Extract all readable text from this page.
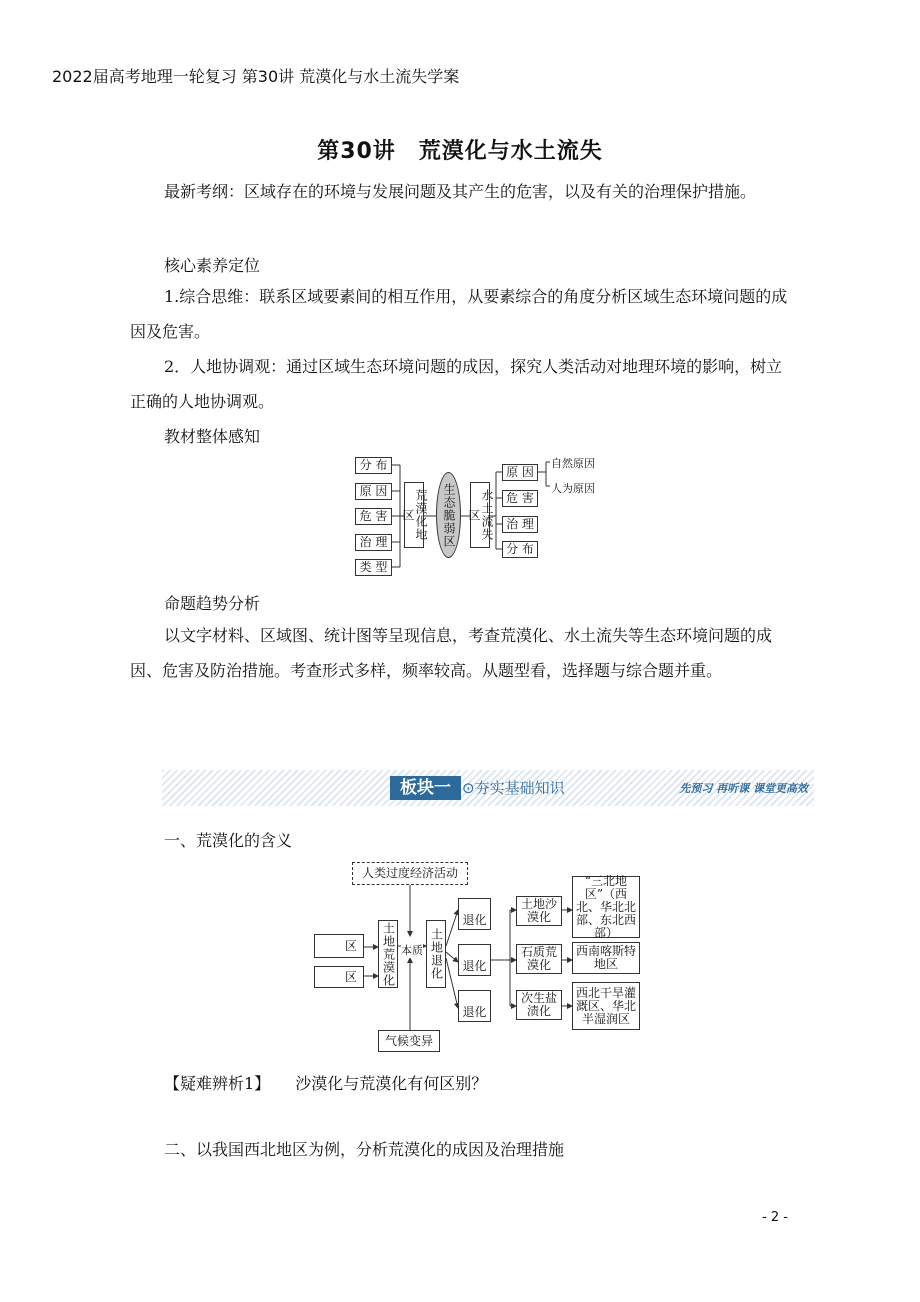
2022届高考地理一轮复习 第30讲 荒漠化与水土流失学案
第30讲　荒漠化与水土流失
最新考纲：区域存在的环境与发展问题及其产生的危害，以及有关的治理保护措施。
核心素养定位
1.综合思维：联系区域要素间的相互作用，从要素综合的角度分析区域生态环境问题的成因及危害。
2．人地协调观：通过区域生态环境问题的成因，探究人类活动对地理环境的影响，树立正确的人地协调观。
教材整体感知
分 布
原 因
危 害
治 理
类 型
荒漠化地区	生态脆弱区	水土流失区
原 因
危 害
治 理
分 布
自然原因
人为原因
命题趋势分析
以文字材料、区域图、统计图等呈现信息，考查荒漠化、水土流失等生态环境问题的成因、危害及防治措施。考查形式多样，频率较高。从题型看，选择题与综合题并重。
板块一 ⊙夯实基础知识	先预习 再听课 课堂更高效
一、荒漠化的含义
人类过度经济活动
区
区	土地荒漠化 本质 土地退化
退化
退化
退化
土地沙漠化
石质荒漠化
次生盐渍化
“三北地区”（西北、华北北部、东北西部）
西南喀斯特地区
西北干旱灌溉区、华北半湿润区
气候变异
【疑难辨析1】 沙漠化与荒漠化有何区别？
二、以我国西北地区为例，分析荒漠化的成因及治理措施
- 2 -
